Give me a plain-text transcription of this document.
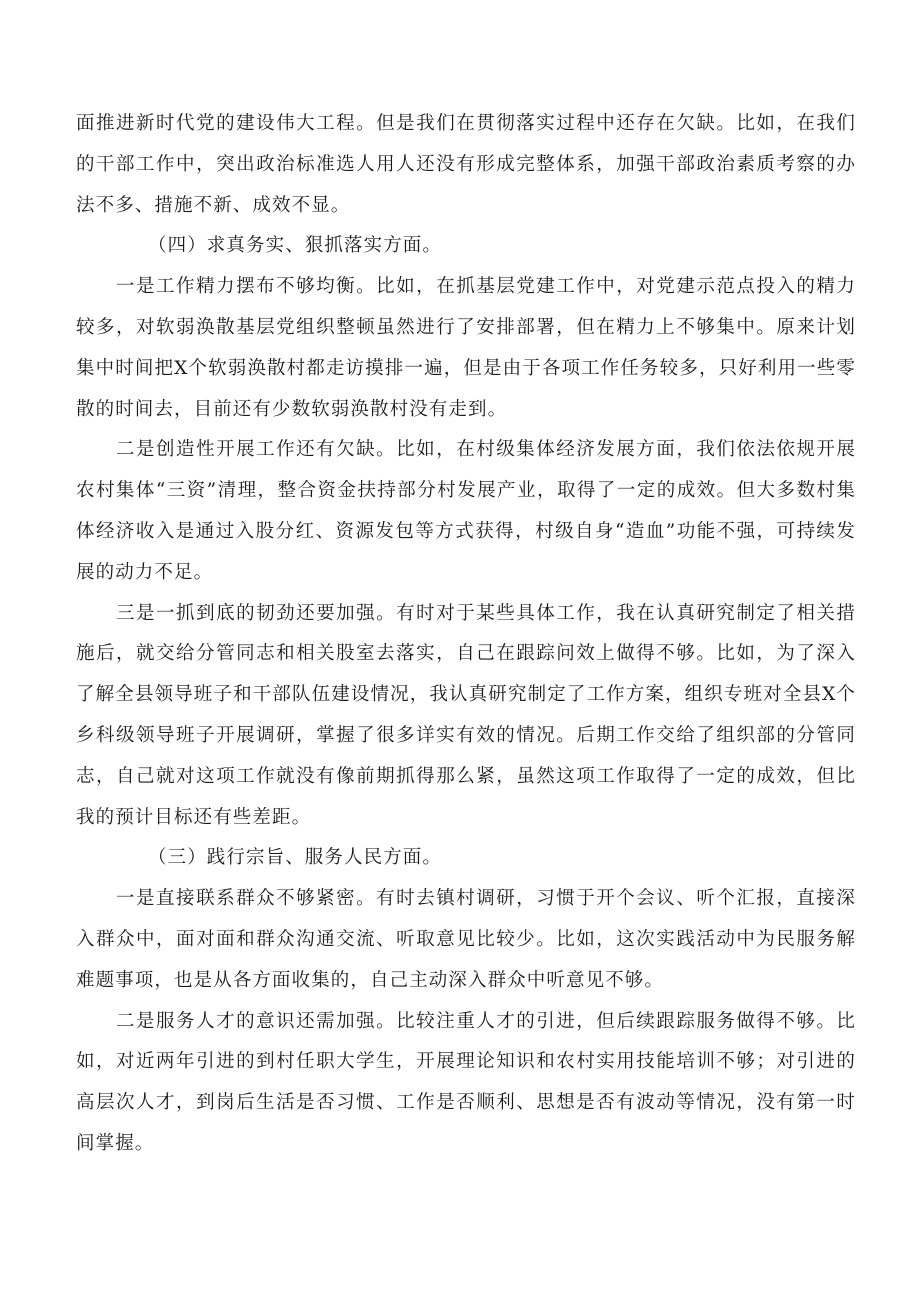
面推进新时代党的建设伟大工程。但是我们在贯彻落实过程中还存在欠缺。比如，在我们的干部工作中，突出政治标准选人用人还没有形成完整体系，加强干部政治素质考察的办法不多、措施不新、成效不显。

（四）求真务实、狠抓落实方面。

　　一是工作精力摆布不够均衡。比如，在抓基层党建工作中，对党建示范点投入的精力较多，对软弱涣散基层党组织整顿虽然进行了安排部署，但在精力上不够集中。原来计划集中时间把X个软弱涣散村都走访摸排一遍，但是由于各项工作任务较多，只好利用一些零散的时间去，目前还有少数软弱涣散村没有走到。

　　二是创造性开展工作还有欠缺。比如，在村级集体经济发展方面，我们依法依规开展农村集体“三资”清理，整合资金扶持部分村发展产业，取得了一定的成效。但大多数村集体经济收入是通过入股分红、资源发包等方式获得，村级自身“造血”功能不强，可持续发展的动力不足。

　　三是一抓到底的韧劲还要加强。有时对于某些具体工作，我在认真研究制定了相关措施后，就交给分管同志和相关股室去落实，自己在跟踪问效上做得不够。比如，为了深入了解全县领导班子和干部队伍建设情况，我认真研究制定了工作方案，组织专班对全县X个乡科级领导班子开展调研，掌握了很多详实有效的情况。后期工作交给了组织部的分管同志，自己就对这项工作就没有像前期抓得那么紧，虽然这项工作取得了一定的成效，但比我的预计目标还有些差距。

（三）践行宗旨、服务人民方面。

　　一是直接联系群众不够紧密。有时去镇村调研，习惯于开个会议、听个汇报，直接深入群众中，面对面和群众沟通交流、听取意见比较少。比如，这次实践活动中为民服务解难题事项，也是从各方面收集的，自己主动深入群众中听意见不够。

　　二是服务人才的意识还需加强。比较注重人才的引进，但后续跟踪服务做得不够。比如，对近两年引进的到村任职大学生，开展理论知识和农村实用技能培训不够；对引进的高层次人才，到岗后生活是否习惯、工作是否顺利、思想是否有波动等情况，没有第一时间掌握。
